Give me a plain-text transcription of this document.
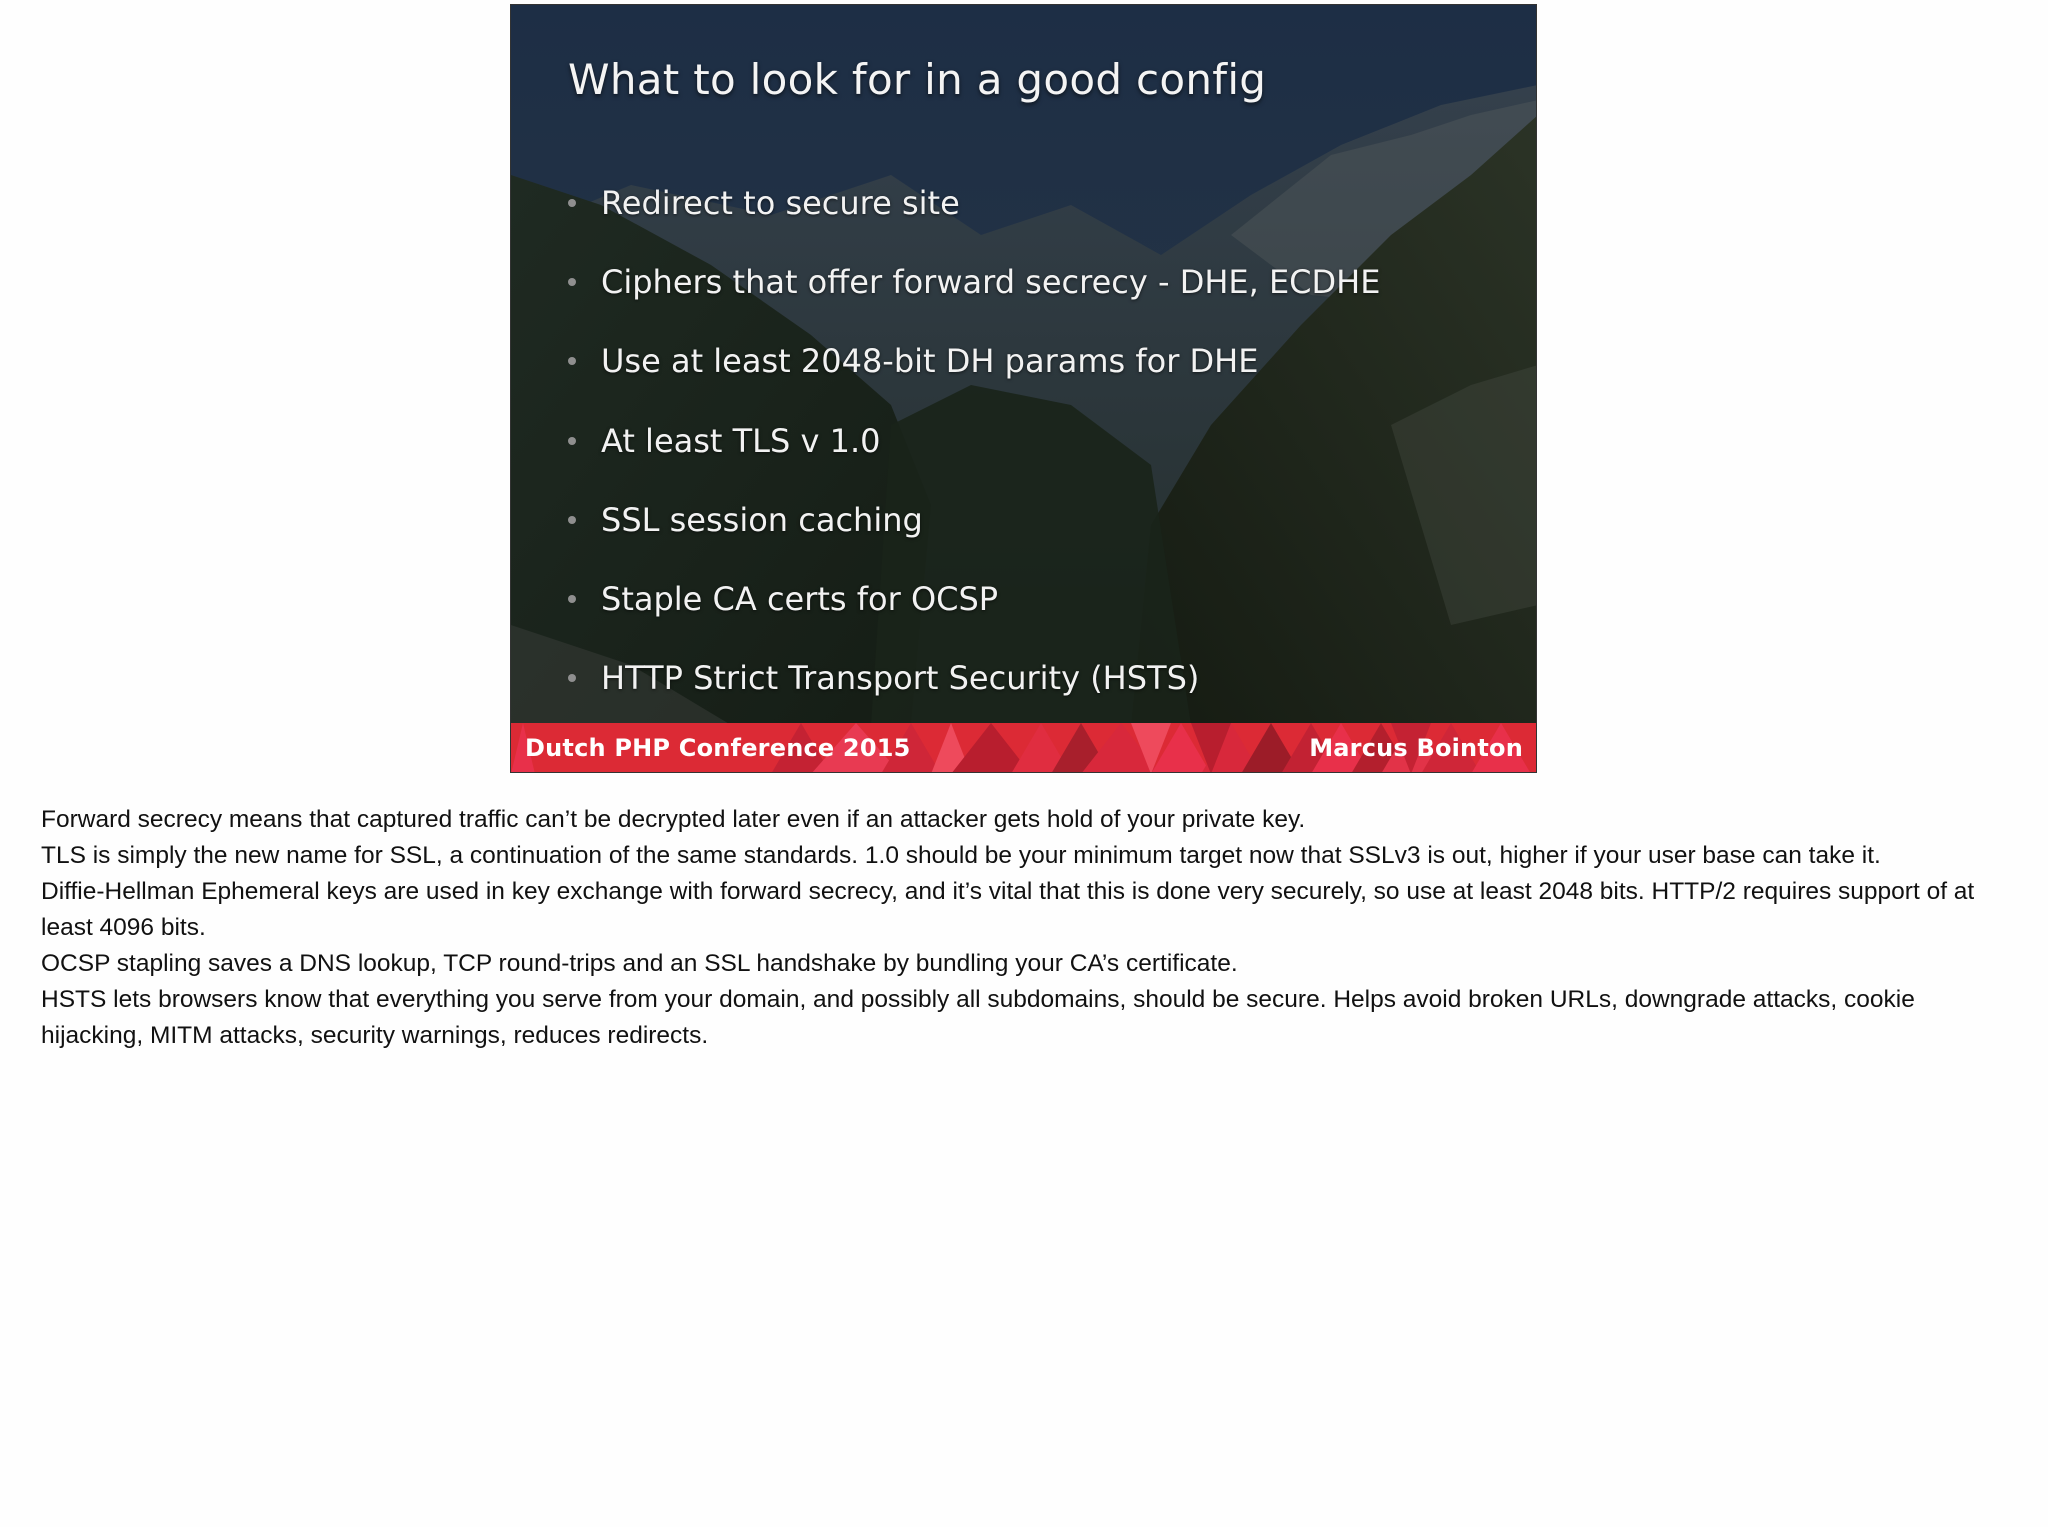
What to look for in a good config
Redirect to secure site
Ciphers that offer forward secrecy - DHE, ECDHE
Use at least 2048-bit DH params for DHE
At least TLS v 1.0
SSL session caching
Staple CA certs for OCSP
HTTP Strict Transport Security (HSTS)
Dutch PHP Conference 2015	Marcus Bointon

Forward secrecy means that captured traffic can’t be decrypted later even if an attacker gets hold of your private key.

TLS is simply the new name for SSL, a continuation of the same standards. 1.0 should be your minimum target now that SSLv3 is out, higher if your user base can take it.

Diffie-Hellman Ephemeral keys are used in key exchange with forward secrecy, and it’s vital that this is done very securely, so use at least 2048 bits. HTTP/2 requires support of at least 4096 bits.

OCSP stapling saves a DNS lookup, TCP round-trips and an SSL handshake by bundling your CA’s certificate.

HSTS lets browsers know that everything you serve from your domain, and possibly all subdomains, should be secure. Helps avoid broken URLs, downgrade attacks, cookie hijacking, MITM attacks, security warnings, reduces redirects.
